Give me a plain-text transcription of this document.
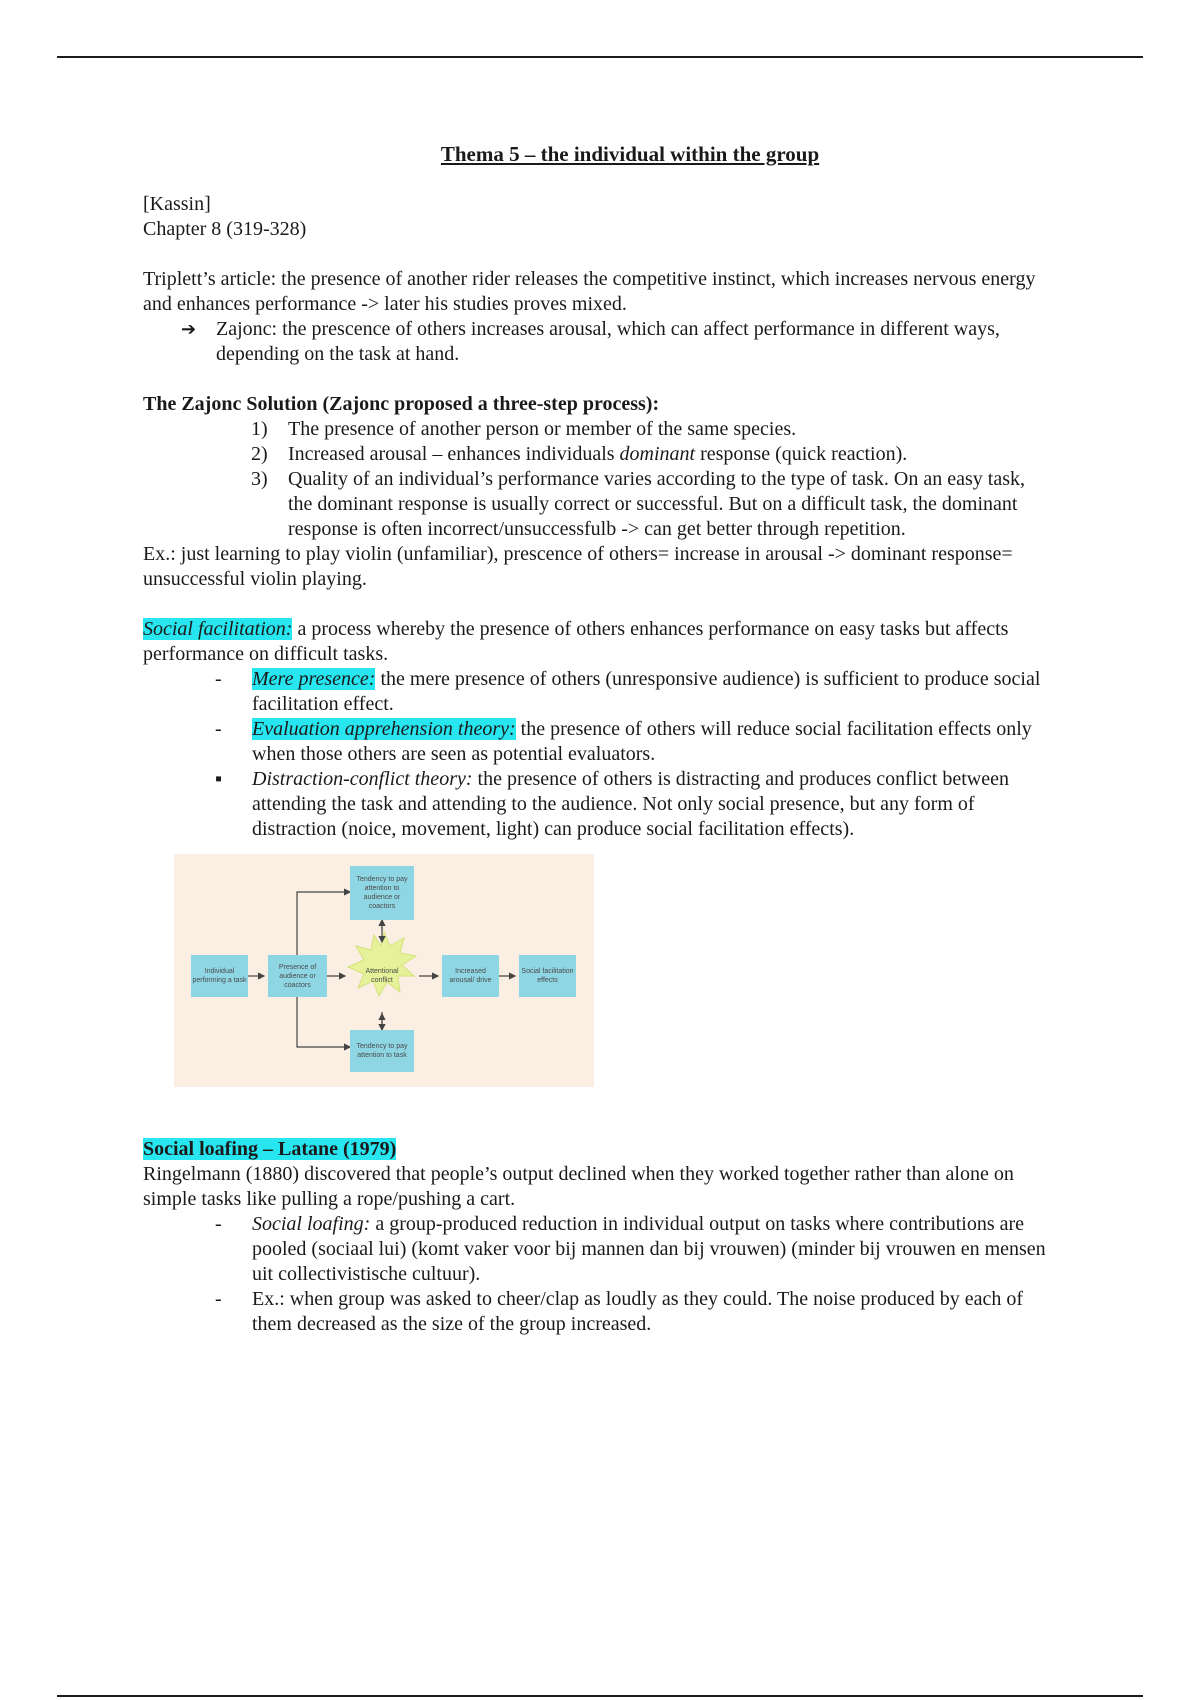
Thema 5 – the individual within the group

[Kassin]

Chapter 8 (319-328)

Triplett’s article: the presence of another rider releases the competitive instinct, which increases nervous energy and enhances performance -> later his studies proves mixed.

➔ Zajonc: the prescence of others increases arousal, which can affect performance in different ways, depending on the task at hand.

The Zajonc Solution (Zajonc proposed a three-step process):

1) The presence of another person or member of the same species.
2) Increased arousal – enhances individuals dominant response (quick reaction).
3) Quality of an individual’s performance varies according to the type of task. On an easy task, the dominant response is usually correct or successful. But on a difficult task, the dominant response is often incorrect/unsuccessfulb -> can get better through repetition.

Ex.: just learning to play violin (unfamiliar), prescence of others= increase in arousal -> dominant response= unsuccessful violin playing.

Social facilitation: a process whereby the presence of others enhances performance on easy tasks but affects performance on difficult tasks.

- Mere presence: the mere presence of others (unresponsive audience) is sufficient to produce social facilitation effect.
- Evaluation apprehension theory: the presence of others will reduce social facilitation effects only when those others are seen as potential evaluators.
▪ Distraction-conflict theory: the presence of others is distracting and produces conflict between attending the task and attending to the audience. Not only social presence, but any form of distraction (noice, movement, light) can produce social facilitation effects).
Individual performing a task
Presence of audience or coactors
Tendency to pay attention to audience or coactors
Attentional conflict
Increased arousal/ drive
Social facilitation effects
Tendency to pay attention to task

Social loafing – Latane (1979)

Ringelmann (1880) discovered that people’s output declined when they worked together rather than alone on simple tasks like pulling a rope/pushing a cart.

- Social loafing: a group-produced reduction in individual output on tasks where contributions are pooled (sociaal lui) (komt vaker voor bij mannen dan bij vrouwen) (minder bij vrouwen en mensen uit collectivistische cultuur).
- Ex.: when group was asked to cheer/clap as loudly as they could. The noise produced by each of them decreased as the size of the group increased.
